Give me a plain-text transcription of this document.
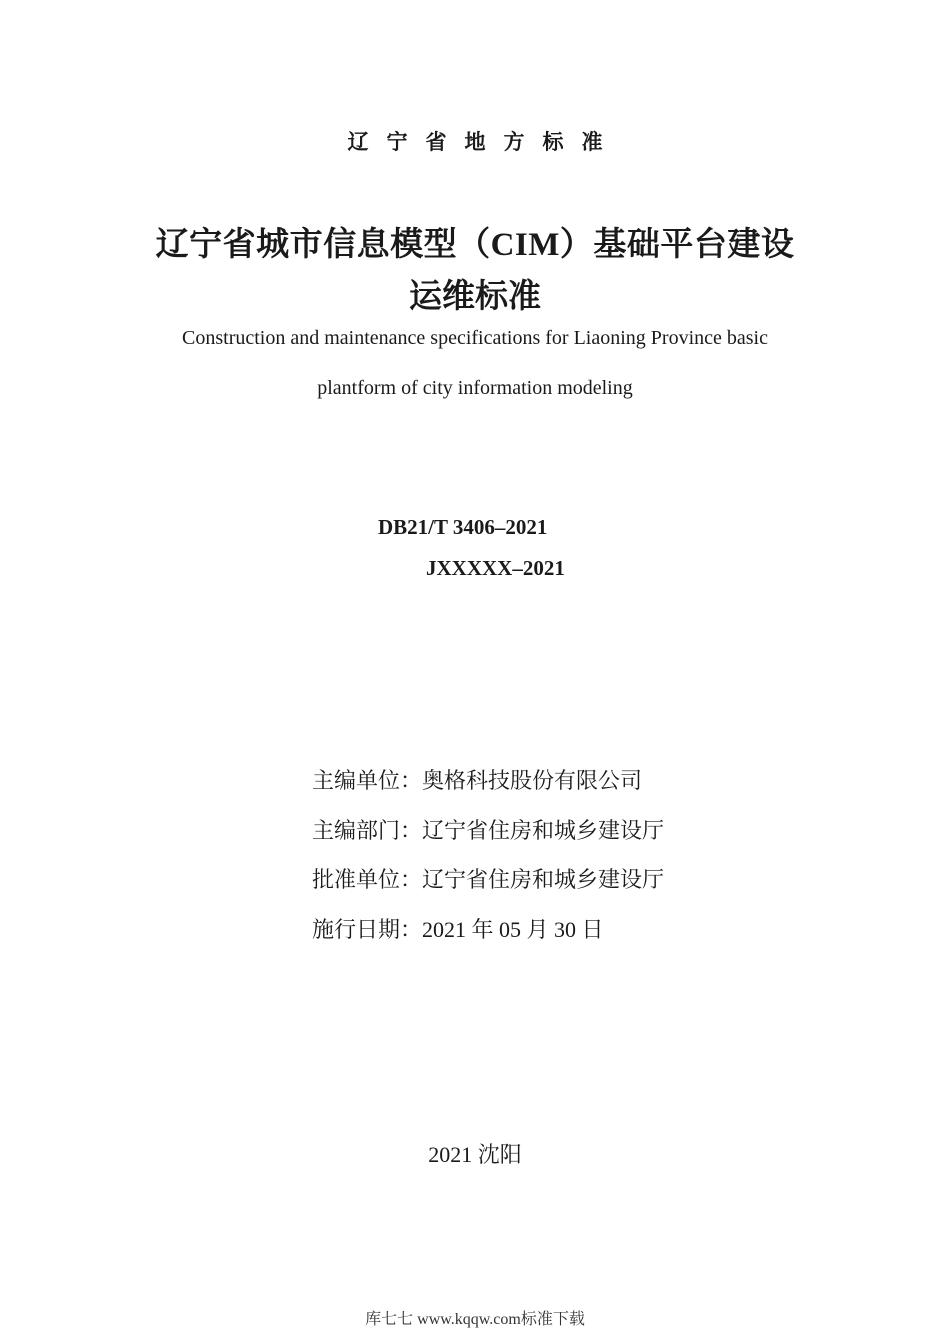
辽宁省地方标准
辽宁省城市信息模型（CIM）基础平台建设
运维标准
Construction and maintenance specifications for Liaoning Province basic
plantform of city information modeling
DB21/T 3406–2021
JXXXXX–2021
主编单位：奥格科技股份有限公司
主编部门：辽宁省住房和城乡建设厅
批准单位：辽宁省住房和城乡建设厅
施行日期：2021 年 05 月 30 日
2021 沈阳
库七七 www.kqqw.com标准下载
